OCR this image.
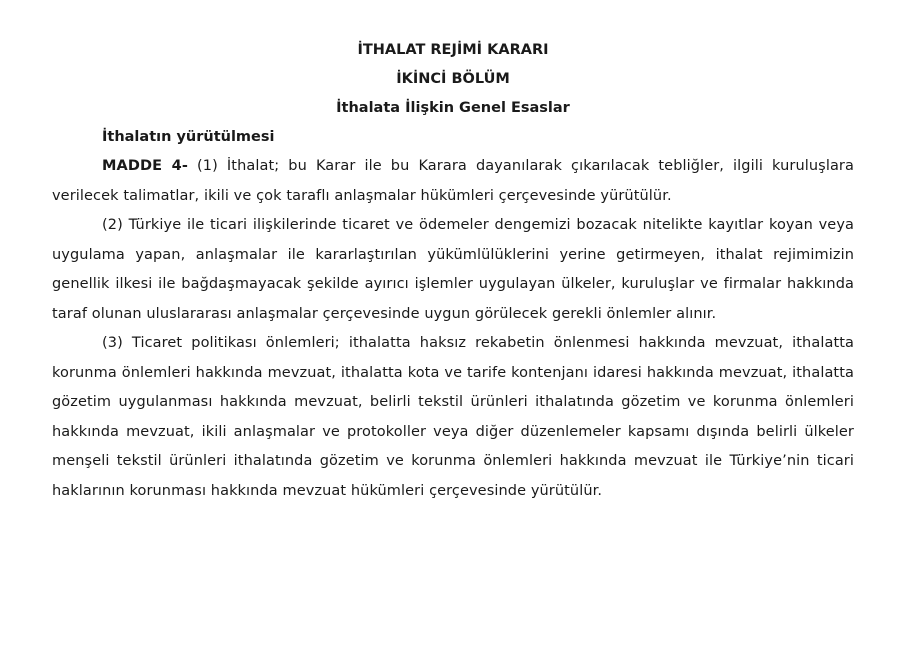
İTHALAT REJİMİ KARARI

İKİNCİ BÖLÜM

İthalata İlişkin Genel Esaslar

İthalatın yürütülmesi

MADDE 4- (1) İthalat; bu Karar ile bu Karara dayanılarak çıkarılacak tebliğler, ilgili kuruluşlara verilecek talimatlar, ikili ve çok taraflı anlaşmalar hükümleri çerçevesinde yürütülür.

(2) Türkiye ile ticari ilişkilerinde ticaret ve ödemeler dengemizi bozacak nitelikte kayıtlar koyan veya uygulama yapan, anlaşmalar ile kararlaştırılan yükümlülüklerini yerine getirmeyen, ithalat rejimimizin genellik ilkesi ile bağdaşmayacak şekilde ayırıcı işlemler uygulayan ülkeler, kuruluşlar ve firmalar hakkında taraf olunan uluslararası anlaşmalar çerçevesinde uygun görülecek gerekli önlemler alınır.

(3) Ticaret politikası önlemleri; ithalatta haksız rekabetin önlenmesi hakkında mevzuat, ithalatta korunma önlemleri hakkında mevzuat, ithalatta kota ve tarife kontenjanı idaresi hakkında mevzuat, ithalatta gözetim uygulanması hakkında mevzuat, belirli tekstil ürünleri ithalatında gözetim ve korunma önlemleri hakkında mevzuat, ikili anlaşmalar ve protokoller veya diğer düzenlemeler kapsamı dışında belirli ülkeler menşeli tekstil ürünleri ithalatında gözetim ve korunma önlemleri hakkında mevzuat ile Türkiye’nin ticari haklarının korunması hakkında mevzuat hükümleri çerçevesinde yürütülür.
